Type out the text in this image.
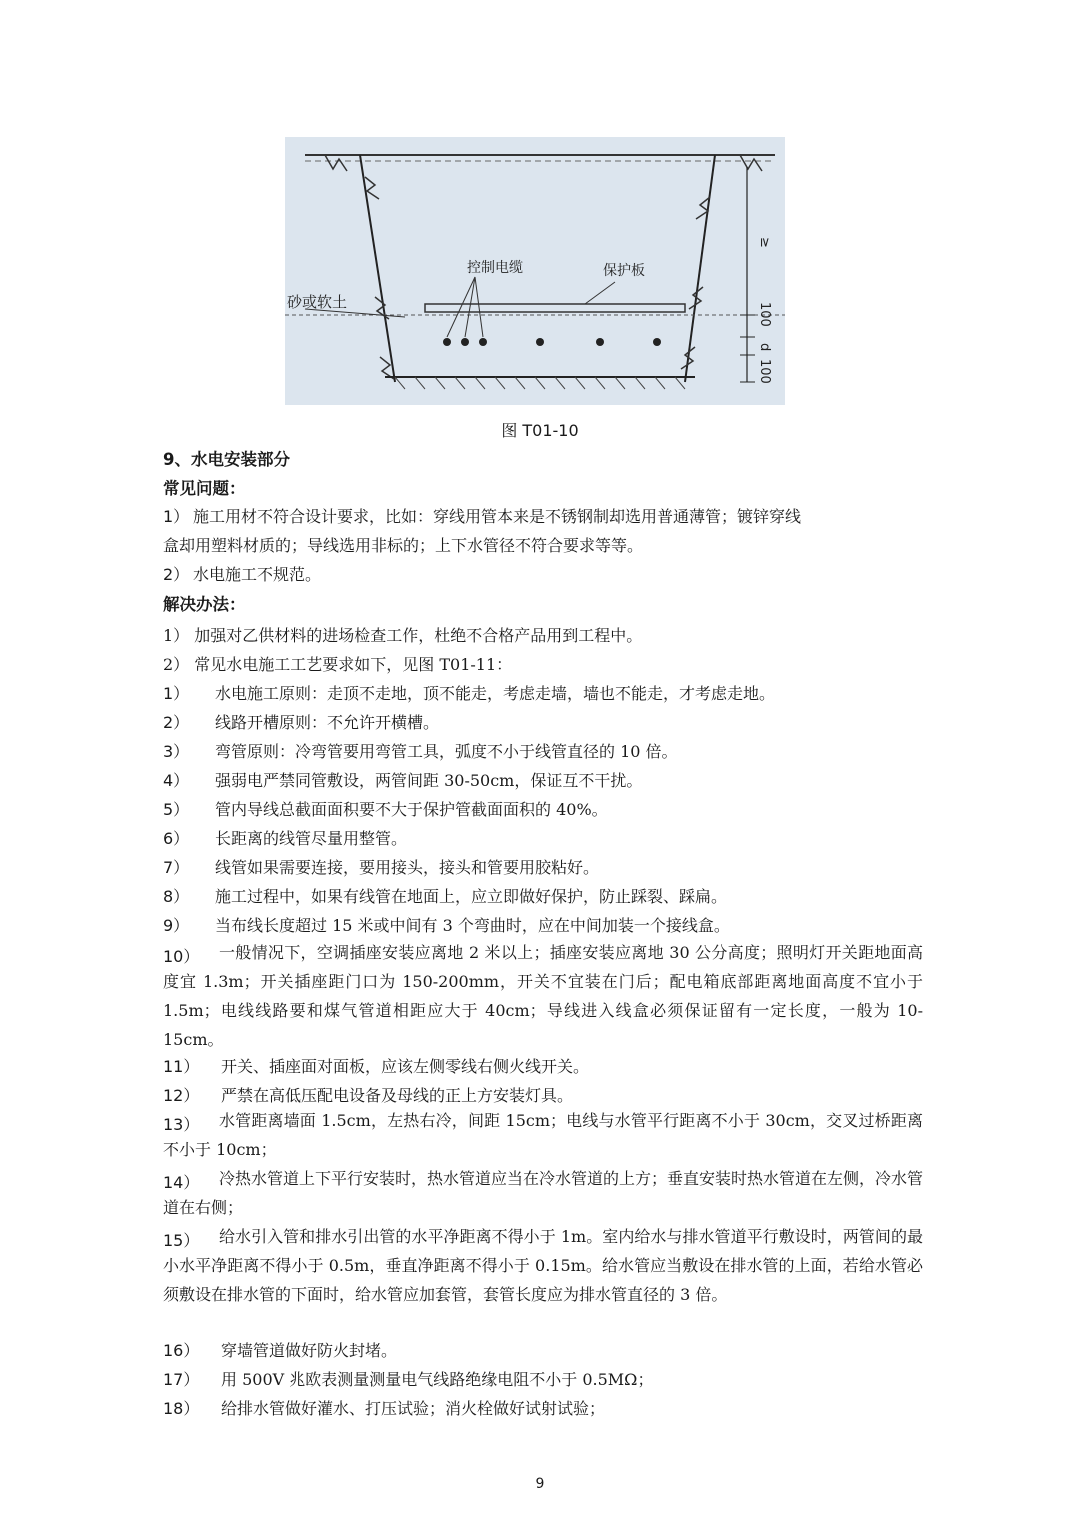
砂或软土
控制电缆	保护板
≥
100
d
100
图 T01-10
9、水电安装部分
常见问题：
1） 施工用材不符合设计要求，比如：穿线用管本来是不锈钢制却选用普通薄管；镀锌穿线
盒却用塑料材质的；导线选用非标的；上下水管径不符合要求等等。
2） 水电施工不规范。
解决办法：
1） 加强对乙供材料的进场检查工作，杜绝不合格产品用到工程中。
2） 常见水电施工工艺要求如下，见图 T01-11：
1） 水电施工原则：走顶不走地，顶不能走，考虑走墙，墙也不能走，才考虑走地。
2） 线路开槽原则：不允许开横槽。
3） 弯管原则：冷弯管要用弯管工具，弧度不小于线管直径的 10 倍。
4） 强弱电严禁同管敷设，两管间距 30-50cm，保证互不干扰。
5） 管内导线总截面面积要不大于保护管截面面积的 40%。
6） 长距离的线管尽量用整管。
7） 线管如果需要连接，要用接头，接头和管要用胶粘好。
8） 施工过程中，如果有线管在地面上，应立即做好保护，防止踩裂、踩扁。
9） 当布线长度超过 15 米或中间有 3 个弯曲时，应在中间加装一个接线盒。
10）	一般情况下，空调插座安装应离地 2 米以上；插座安装应离地 30 公分高度；照明灯开关距地面高度宜 1.3m；开关插座距门口为 150-200mm，开关不宜装在门后；配电箱底部距离地面高度不宜小于 1.5m；电线线路要和煤气管道相距应大于 40cm；导线进入线盒必须保证留有一定长度，一般为 10-15cm。
11） 开关、插座面对面板，应该左侧零线右侧火线开关。
12） 严禁在高低压配电设备及母线的正上方安装灯具。
13）	水管距离墙面 1.5cm，左热右冷，间距 15cm；电线与水管平行距离不小于 30cm，交叉过桥距离不小于 10cm；
14）	冷热水管道上下平行安装时，热水管道应当在冷水管道的上方；垂直安装时热水管道在左侧，冷水管道在右侧；
15）	给水引入管和排水引出管的水平净距离不得小于 1m。室内给水与排水管道平行敷设时，两管间的最小水平净距离不得小于 0.5m，垂直净距离不得小于 0.15m。给水管应当敷设在排水管的上面，若给水管必须敷设在排水管的下面时，给水管应加套管，套管长度应为排水管直径的 3 倍。
16） 穿墙管道做好防火封堵。
17） 用 500V 兆欧表测量测量电气线路绝缘电阻不小于 0.5MΩ；
18） 给排水管做好灌水、打压试验；消火栓做好试射试验；
9
